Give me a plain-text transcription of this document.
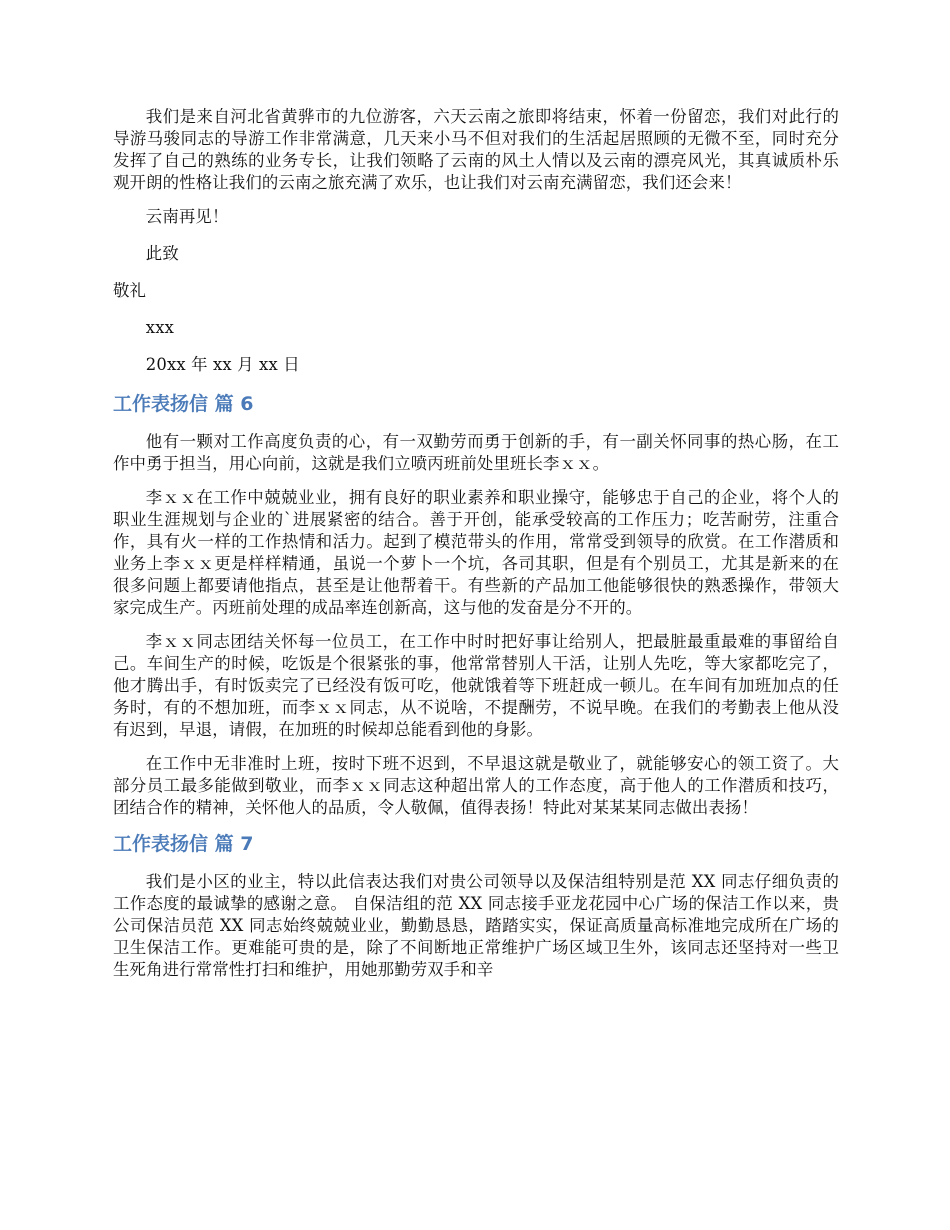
我们是来自河北省黄骅市的九位游客，六天云南之旅即将结束，怀着一份留恋，我们对此行的导游马骏同志的导游工作非常满意，几天来小马不但对我们的生活起居照顾的无微不至，同时充分发挥了自己的熟练的业务专长，让我们领略了云南的风土人情以及云南的漂亮风光，其真诚质朴乐观开朗的性格让我们的云南之旅充满了欢乐，也让我们对云南充满留恋，我们还会来！

云南再见！

此致

敬礼

xxx

20xx 年 xx 月 xx 日

工作表扬信 篇 6

他有一颗对工作高度负责的心，有一双勤劳而勇于创新的手，有一副关怀同事的热心肠，在工作中勇于担当，用心向前，这就是我们立喷丙班前处里班长李ｘｘ。

李ｘｘ在工作中兢兢业业，拥有良好的职业素养和职业操守，能够忠于自己的企业，将个人的职业生涯规划与企业的`进展紧密的结合。善于开创，能承受较高的工作压力；吃苦耐劳，注重合作，具有火一样的工作热情和活力。起到了模范带头的作用，常常受到领导的欣赏。在工作潜质和业务上李ｘｘ更是样样精通，虽说一个萝卜一个坑，各司其职，但是有个别员工，尤其是新来的在很多问题上都要请他指点，甚至是让他帮着干。有些新的产品加工他能够很快的熟悉操作，带领大家完成生产。丙班前处理的成品率连创新高，这与他的发奋是分不开的。

李ｘｘ同志团结关怀每一位员工，在工作中时时把好事让给别人，把最脏最重最难的事留给自己。车间生产的时候，吃饭是个很紧张的事，他常常替别人干活，让别人先吃，等大家都吃完了，他才腾出手，有时饭卖完了已经没有饭可吃，他就饿着等下班赶成一顿儿。在车间有加班加点的任务时，有的不想加班，而李ｘｘ同志，从不说啥，不提酬劳，不说早晚。在我们的考勤表上他从没有迟到，早退，请假，在加班的时候却总能看到他的身影。

在工作中无非准时上班，按时下班不迟到，不早退这就是敬业了，就能够安心的领工资了。大部分员工最多能做到敬业，而李ｘｘ同志这种超出常人的工作态度，高于他人的工作潜质和技巧，团结合作的精神，关怀他人的品质，令人敬佩，值得表扬！特此对某某某同志做出表扬！

工作表扬信 篇 7

我们是小区的业主，特以此信表达我们对贵公司领导以及保洁组特别是范 XX 同志仔细负责的工作态度的最诚挚的感谢之意。 自保洁组的范 XX 同志接手亚龙花园中心广场的保洁工作以来，贵公司保洁员范 XX 同志始终兢兢业业，勤勤恳恳，踏踏实实，保证高质量高标准地完成所在广场的卫生保洁工作。更难能可贵的是，除了不间断地正常维护广场区域卫生外，该同志还坚持对一些卫生死角进行常常性打扫和维护，用她那勤劳双手和辛
